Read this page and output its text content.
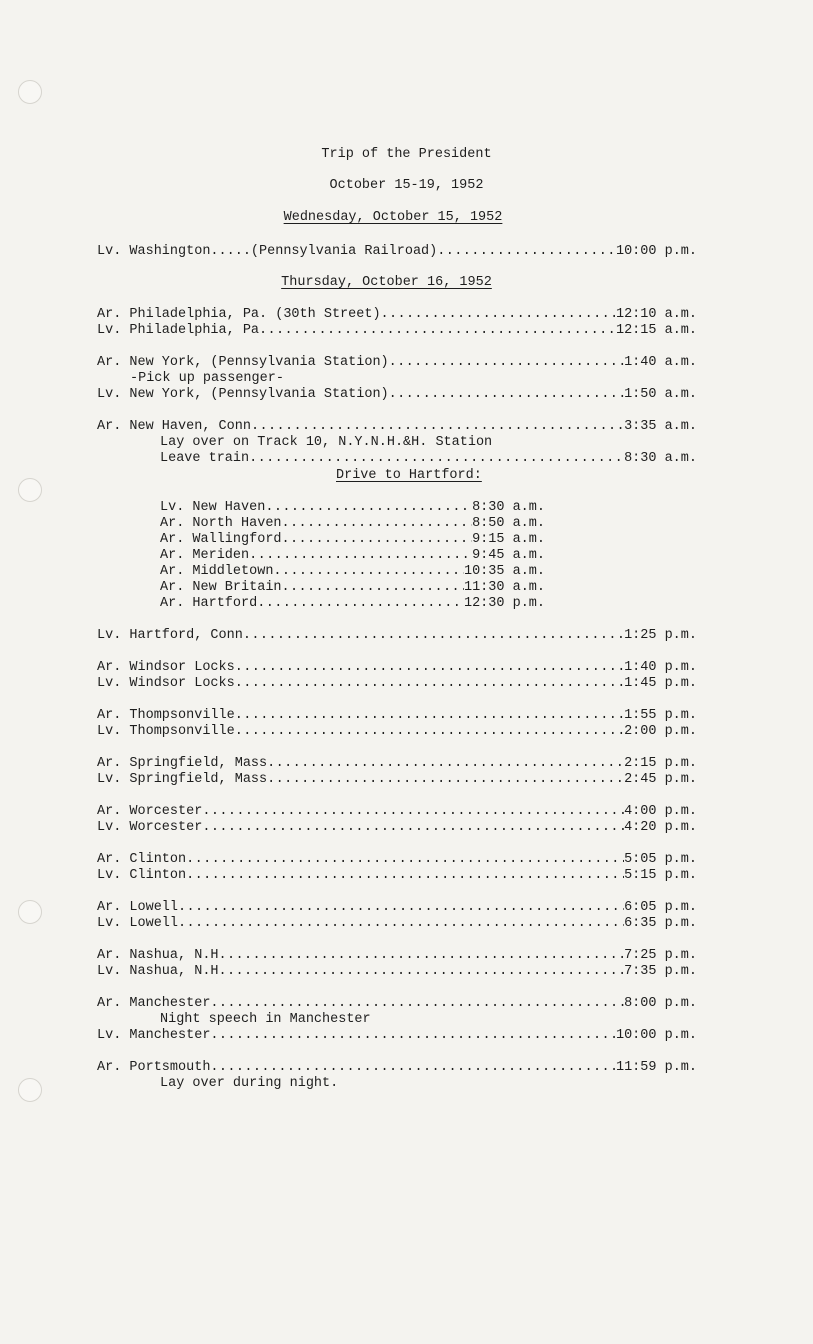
Trip of the President
October 15-19, 1952
Wednesday, October 15, 1952
Lv. Washington.....(Pennsylvania Railroad) .....	10:00 p.m.
Thursday, October 16, 1952
Ar. Philadelphia, Pa. (30th Street) .....	12:10 a.m.
Lv. Philadelphia, Pa .....	12:15 a.m.
Ar. New York, (Pennsylvania Station) .....	1:40 a.m.
-Pick up passenger-
Lv. New York, (Pennsylvania Station) .....	1:50 a.m.
Ar. New Haven, Conn .....	3:35 a.m.
Lay over on Track 10, N.Y.N.H.&H. Station
Leave train .....	8:30 a.m.
Drive to Hartford:
Lv. New Haven .....	8:30 a.m.
Ar. North Haven .....	8:50 a.m.
Ar. Wallingford .....	9:15 a.m.
Ar. Meriden .....	9:45 a.m.
Ar. Middletown .....	10:35 a.m.
Ar. New Britain .....	11:30 a.m.
Ar. Hartford .....	12:30 p.m.
Lv. Hartford, Conn .....	1:25 p.m.
Ar. Windsor Locks .....	1:40 p.m.
Lv. Windsor Locks .....	1:45 p.m.
Ar. Thompsonville .....	1:55 p.m.
Lv. Thompsonville .....	2:00 p.m.
Ar. Springfield, Mass .....	2:15 p.m.
Lv. Springfield, Mass .....	2:45 p.m.
Ar. Worcester .....	4:00 p.m.
Lv. Worcester .....	4:20 p.m.
Ar. Clinton .....	5:05 p.m.
Lv. Clinton .....	5:15 p.m.
Ar. Lowell .....	6:05 p.m.
Lv. Lowell .....	6:35 p.m.
Ar. Nashua, N.H .....	7:25 p.m.
Lv. Nashua, N.H .....	7:35 p.m.
Ar. Manchester .....	8:00 p.m.
Night speech in Manchester
Lv. Manchester .....	10:00 p.m.
Ar. Portsmouth .....	11:59 p.m.
Lay over during night.
